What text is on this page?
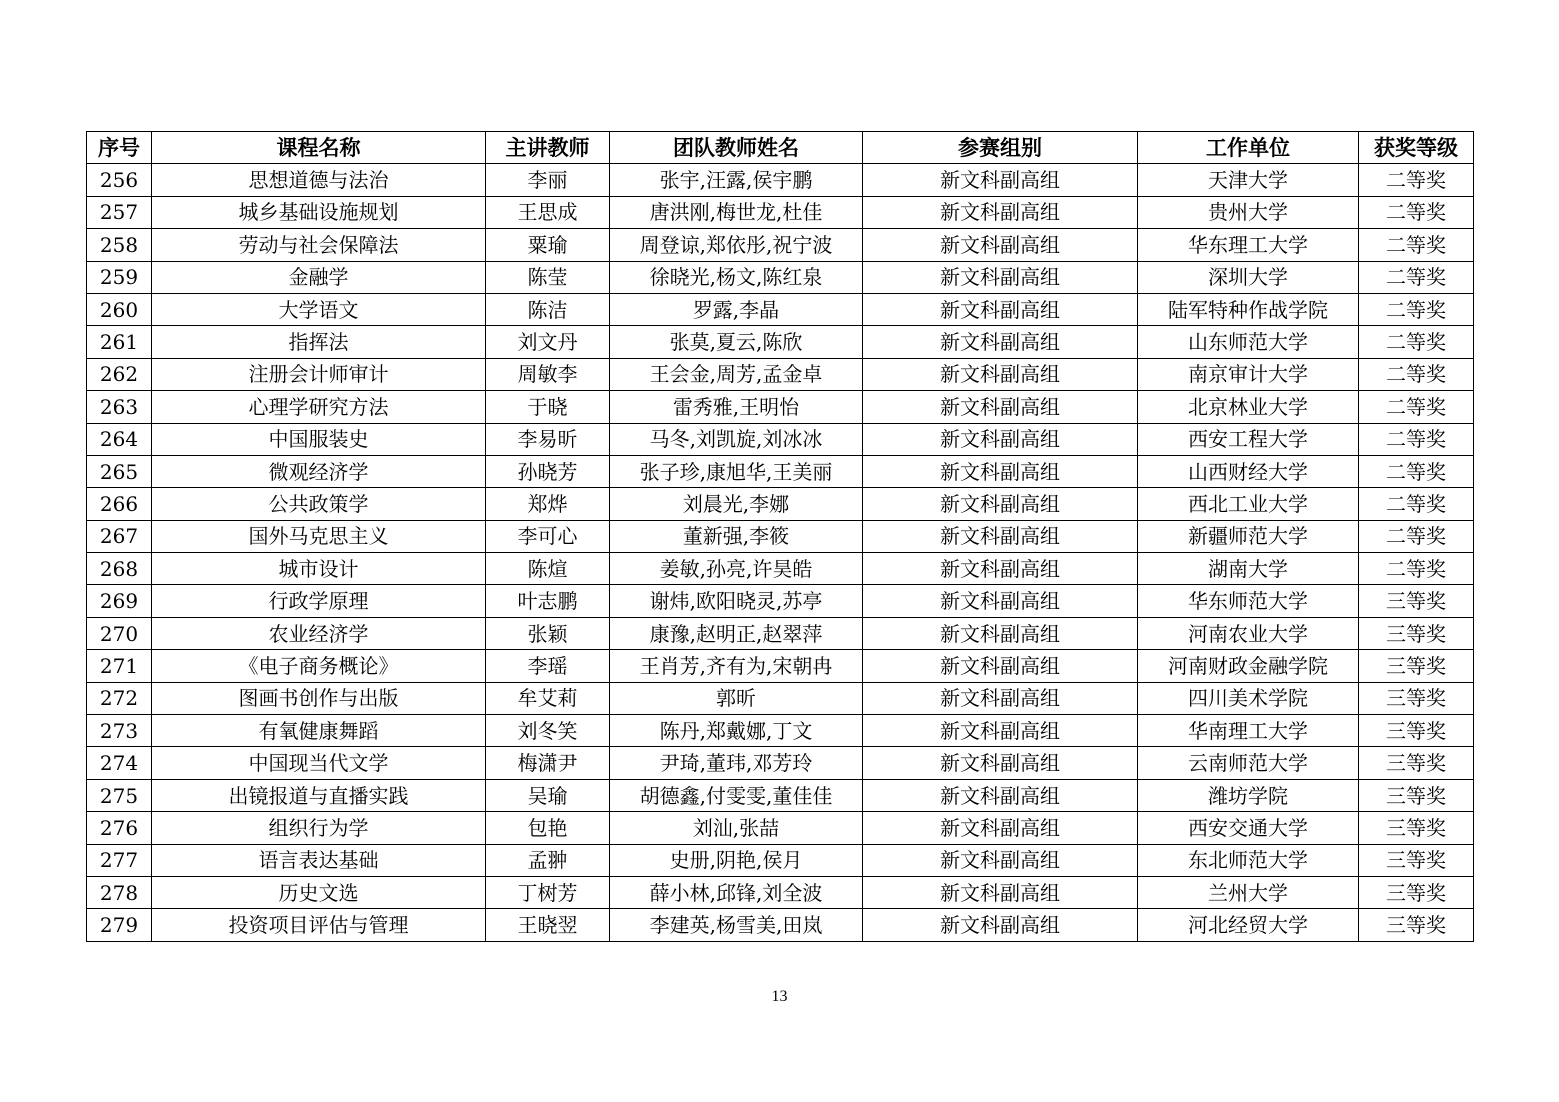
序号	课程名称	主讲教师	团队教师姓名	参赛组别	工作单位	获奖等级
256	思想道德与法治	李丽	张宇,汪露,侯宇鹏	新文科副高组	天津大学	二等奖
257	城乡基础设施规划	王思成	唐洪刚,梅世龙,杜佳	新文科副高组	贵州大学	二等奖
258	劳动与社会保障法	粟瑜	周登谅,郑依彤,祝宁波	新文科副高组	华东理工大学	二等奖
259	金融学	陈莹	徐晓光,杨文,陈红泉	新文科副高组	深圳大学	二等奖
260	大学语文	陈洁	罗露,李晶	新文科副高组	陆军特种作战学院	二等奖
261	指挥法	刘文丹	张莫,夏云,陈欣	新文科副高组	山东师范大学	二等奖
262	注册会计师审计	周敏李	王会金,周芳,孟金卓	新文科副高组	南京审计大学	二等奖
263	心理学研究方法	于晓	雷秀雅,王明怡	新文科副高组	北京林业大学	二等奖
264	中国服装史	李易昕	马冬,刘凯旋,刘冰冰	新文科副高组	西安工程大学	二等奖
265	微观经济学	孙晓芳	张子珍,康旭华,王美丽	新文科副高组	山西财经大学	二等奖
266	公共政策学	郑烨	刘晨光,李娜	新文科副高组	西北工业大学	二等奖
267	国外马克思主义	李可心	董新强,李筱	新文科副高组	新疆师范大学	二等奖
268	城市设计	陈煊	姜敏,孙亮,许昊皓	新文科副高组	湖南大学	二等奖
269	行政学原理	叶志鹏	谢炜,欧阳晓灵,苏亭	新文科副高组	华东师范大学	三等奖
270	农业经济学	张颖	康豫,赵明正,赵翠萍	新文科副高组	河南农业大学	三等奖
271	《电子商务概论》	李瑶	王肖芳,齐有为,宋朝冉	新文科副高组	河南财政金融学院	三等奖
272	图画书创作与出版	牟艾莉	郭昕	新文科副高组	四川美术学院	三等奖
273	有氧健康舞蹈	刘冬笑	陈丹,郑戴娜,丁文	新文科副高组	华南理工大学	三等奖
274	中国现当代文学	梅潇尹	尹琦,董玮,邓芳玲	新文科副高组	云南师范大学	三等奖
275	出镜报道与直播实践	吴瑜	胡德鑫,付雯雯,董佳佳	新文科副高组	潍坊学院	三等奖
276	组织行为学	包艳	刘汕,张喆	新文科副高组	西安交通大学	三等奖
277	语言表达基础	孟翀	史册,阴艳,侯月	新文科副高组	东北师范大学	三等奖
278	历史文选	丁树芳	薛小林,邱锋,刘全波	新文科副高组	兰州大学	三等奖
279	投资项目评估与管理	王晓翌	李建英,杨雪美,田岚	新文科副高组	河北经贸大学	三等奖
13
